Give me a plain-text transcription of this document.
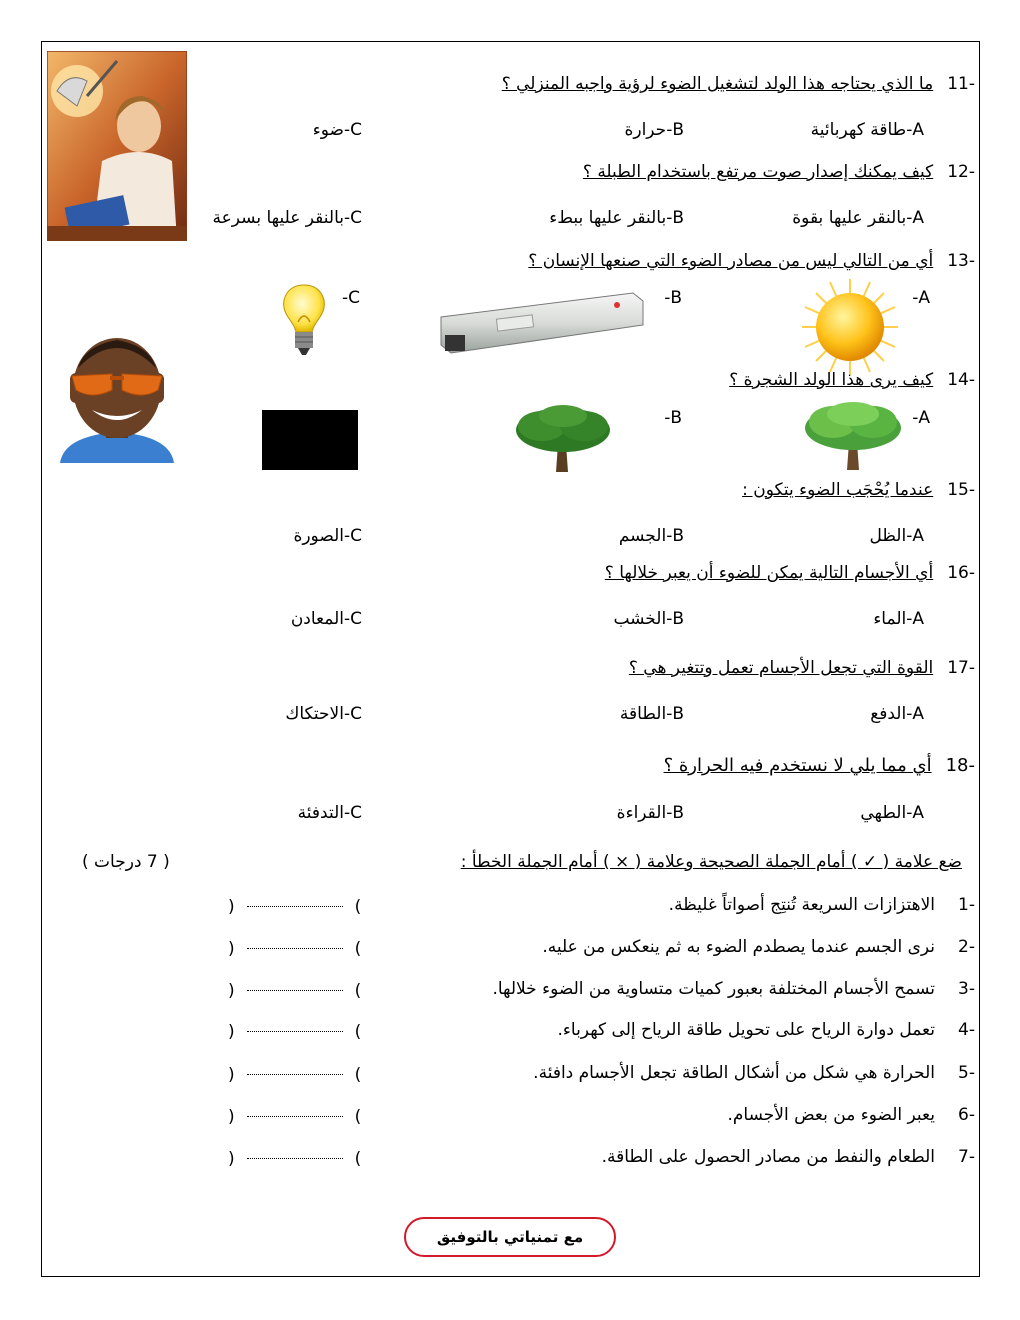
-11ما الذي يحتاجه هذا الولد لتشغيل الضوء لرؤية واجبه المنزلي ؟
A-طاقة كهربائية
B-حرارة
C-ضوء
-12كيف يمكنك إصدار صوت مرتفع باستخدام الطبلة ؟
A-بالنقر عليها بقوة
B-بالنقر عليها ببطء
C-بالنقر عليها بسرعة
-13أي من التالي ليس من مصادر الضوء التي صنعها الإنسان ؟
A-
B-
C-
-14كيف يرى هذا الولد الشجرة ؟
A-
B-
-15عندما يُحْجَب الضوء يتكون :
A-الظل
B-الجسم
C-الصورة
-16أي الأجسام التالية يمكن للضوء أن يعبر خلالها ؟
A-الماء
B-الخشب
C-المعادن
-17القوة التي تجعل الأجسام تعمل وتتغير هي ؟
A-الدفع
B-الطاقة
C-الاحتكاك
-18أي مما يلي لا نستخدم فيه الحرارة ؟
A-الطهي
B-القراءة
C-التدفئة
ضع علامة ( ✓ ) أمام الجملة الصحيحة وعلامة ( × ) أمام الجملة الخطأ :
( 7 درجات )
-1الاهتزازات السريعة تُنتِج أصواتاً غليظة.
)	(
-2نرى الجسم عندما يصطدم الضوء به ثم ينعكس من عليه.
)	(
-3تسمح الأجسام المختلفة بعبور كميات متساوية من الضوء خلالها.
)	(
-4تعمل دوارة الرياح على تحويل طاقة الرياح إلى كهرباء.
)	(
-5الحرارة هي شكل من أشكال الطاقة تجعل الأجسام دافئة.
)	(
-6يعبر الضوء من بعض الأجسام.
)	(
-7الطعام والنفط من مصادر الحصول على الطاقة.
)	(
مع تمنياتي بالتوفيق
